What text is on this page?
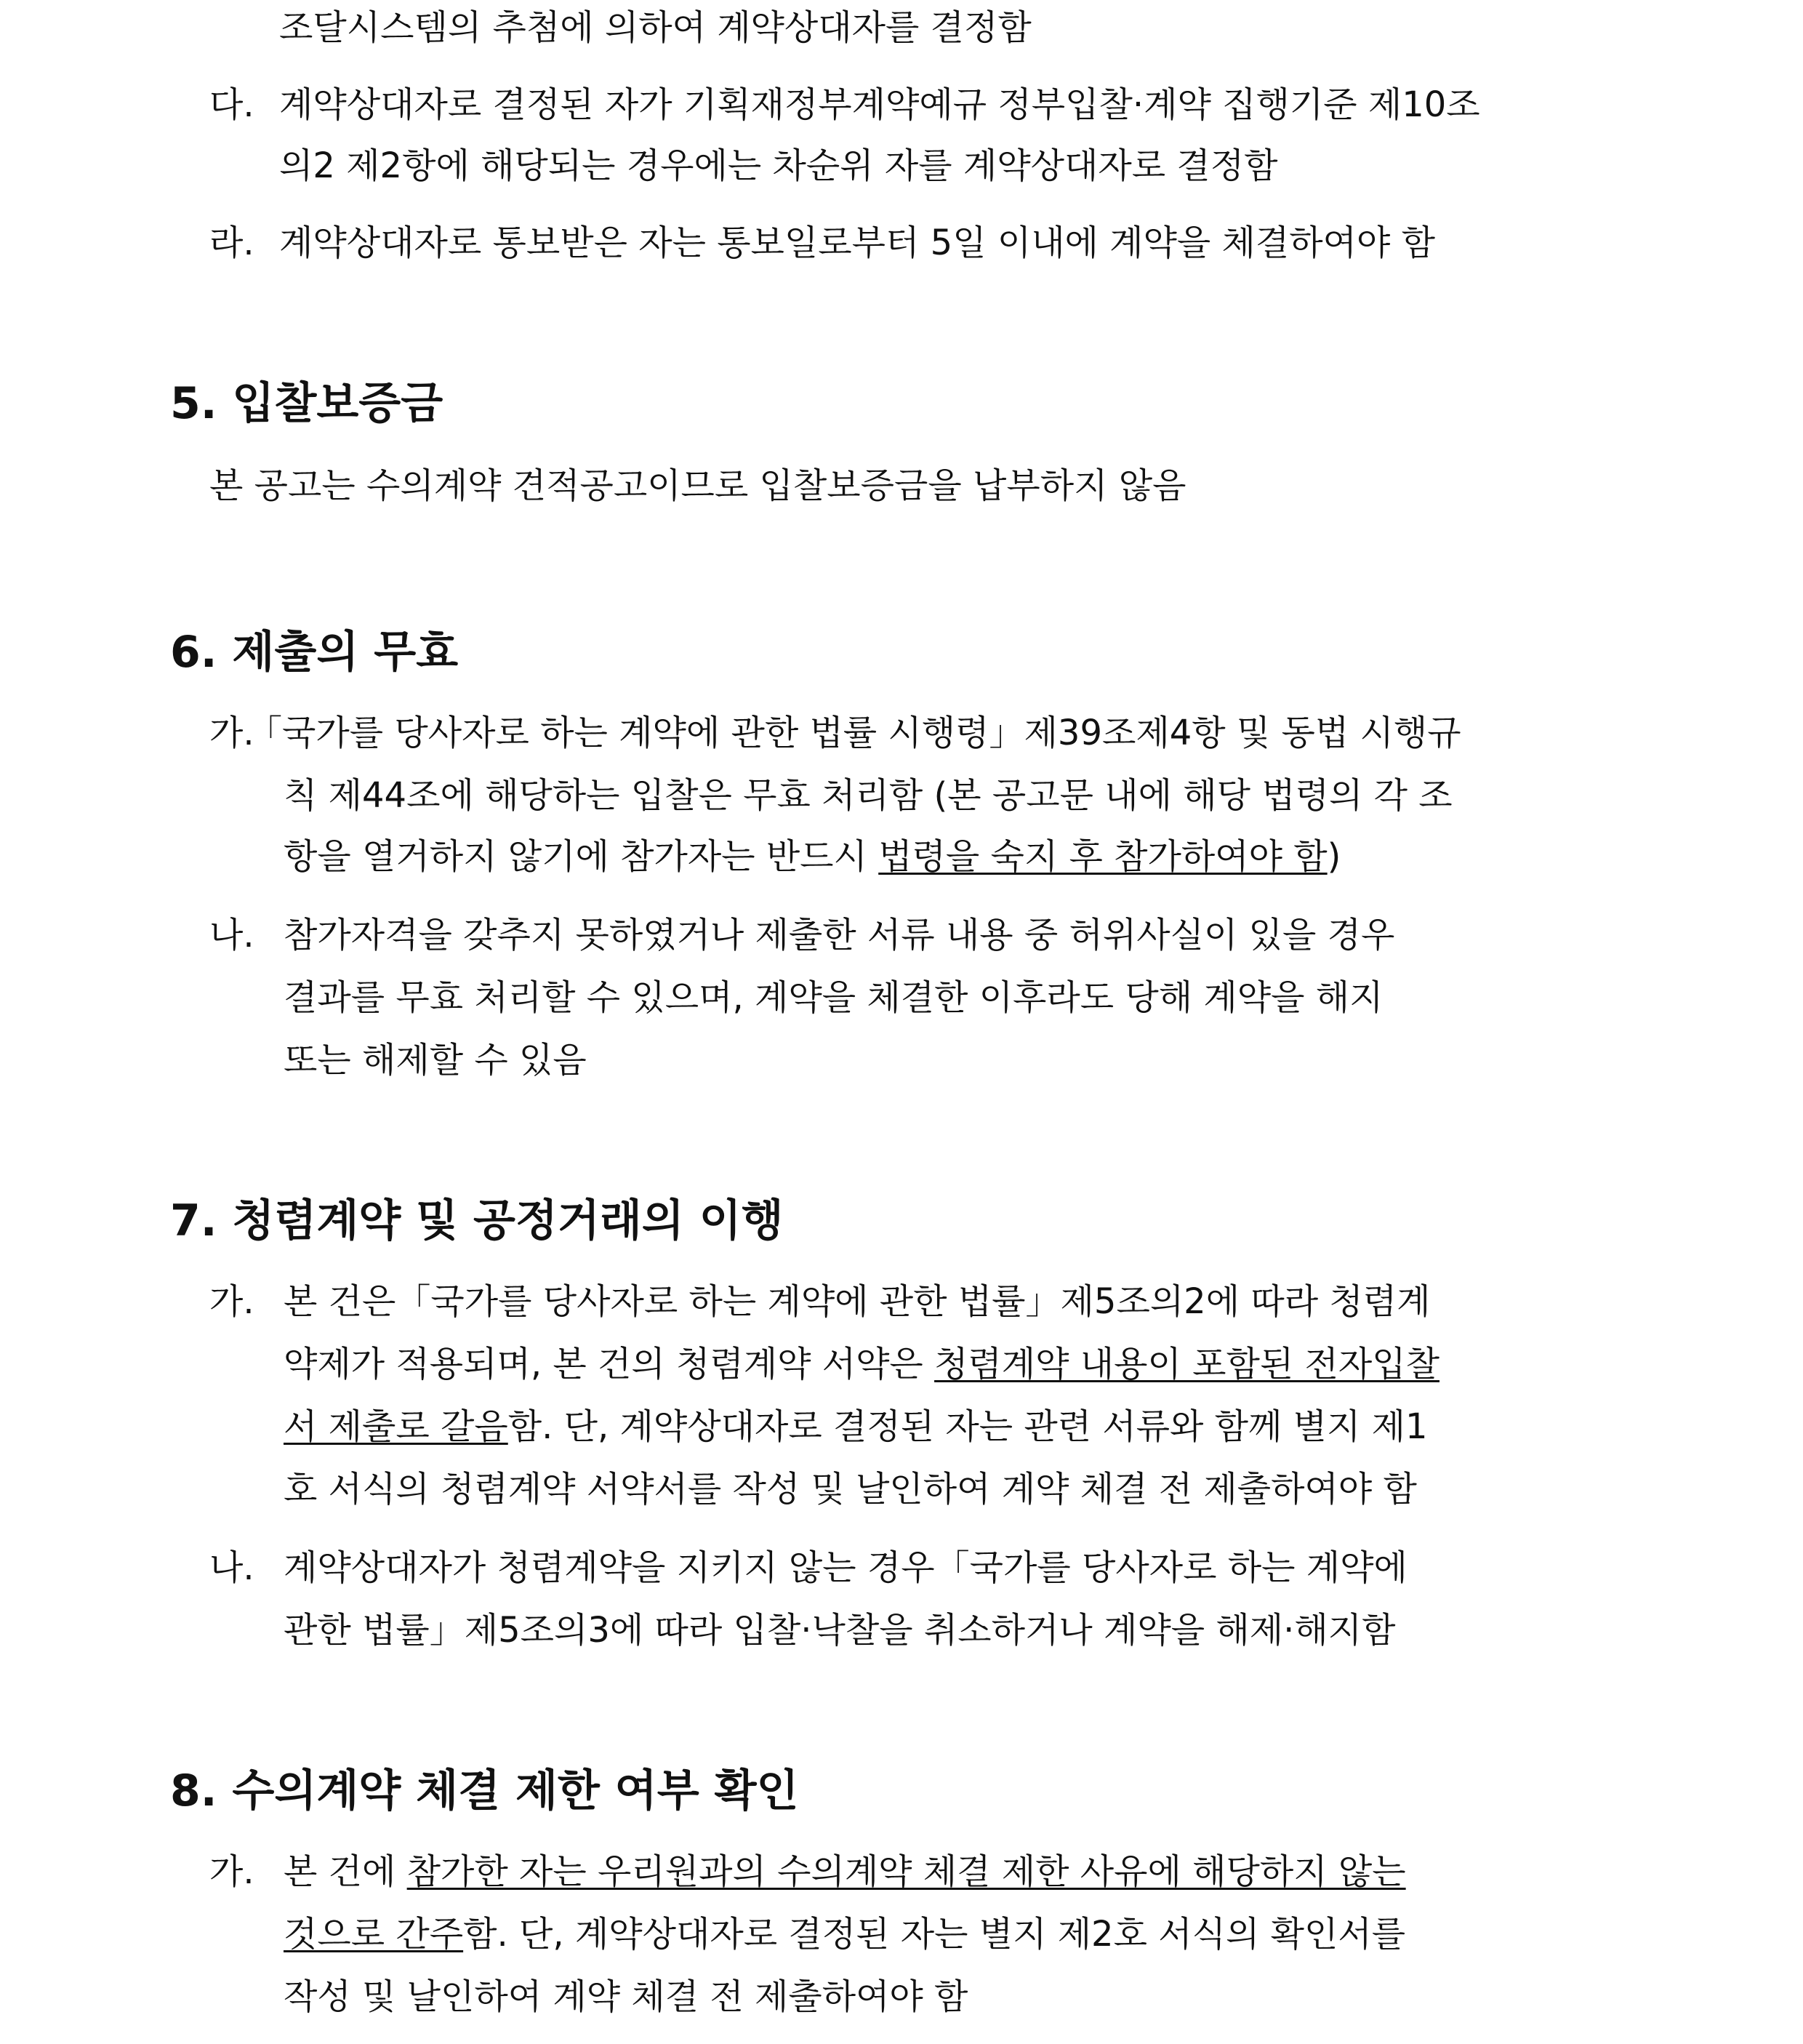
조달시스템의 추첨에 의하여 계약상대자를 결정함
다. 계약상대자로 결정된 자가 기획재정부계약예규 정부입찰·계약 집행기준 제10조
의2 제2항에 해당되는 경우에는 차순위 자를 계약상대자로 결정함
라. 계약상대자로 통보받은 자는 통보일로부터 5일 이내에 계약을 체결하여야 함
5. 입찰보증금
본 공고는 수의계약 견적공고이므로 입찰보증금을 납부하지 않음
6. 제출의 무효
가.
「국가를 당사자로 하는 계약에 관한 법률 시행령」제39조제4항 및 동법 시행규
칙 제44조에 해당하는 입찰은 무효 처리함 (본 공고문 내에 해당 법령의 각 조
항을 열거하지 않기에 참가자는 반드시 법령을 숙지 후 참가하여야 함)
나. 참가자격을 갖추지 못하였거나 제출한 서류 내용 중 허위사실이 있을 경우
결과를 무효 처리할 수 있으며, 계약을 체결한 이후라도 당해 계약을 해지
또는 해제할 수 있음
7. 청렴계약 및 공정거래의 이행
가. 본 건은「국가를 당사자로 하는 계약에 관한 법률」제5조의2에 따라 청렴계
약제가 적용되며, 본 건의 청렴계약 서약은 청렴계약 내용이 포함된 전자입찰
서 제출로 갈음함. 단, 계약상대자로 결정된 자는 관련 서류와 함께 별지 제1
호 서식의 청렴계약 서약서를 작성 및 날인하여 계약 체결 전 제출하여야 함
나. 계약상대자가 청렴계약을 지키지 않는 경우「국가를 당사자로 하는 계약에
관한 법률」제5조의3에 따라 입찰·낙찰을 취소하거나 계약을 해제·해지함
8. 수의계약 체결 제한 여부 확인
가. 본 건에 참가한 자는 우리원과의 수의계약 체결 제한 사유에 해당하지 않는
것으로 간주함. 단, 계약상대자로 결정된 자는 별지 제2호 서식의 확인서를
작성 및 날인하여 계약 체결 전 제출하여야 함
